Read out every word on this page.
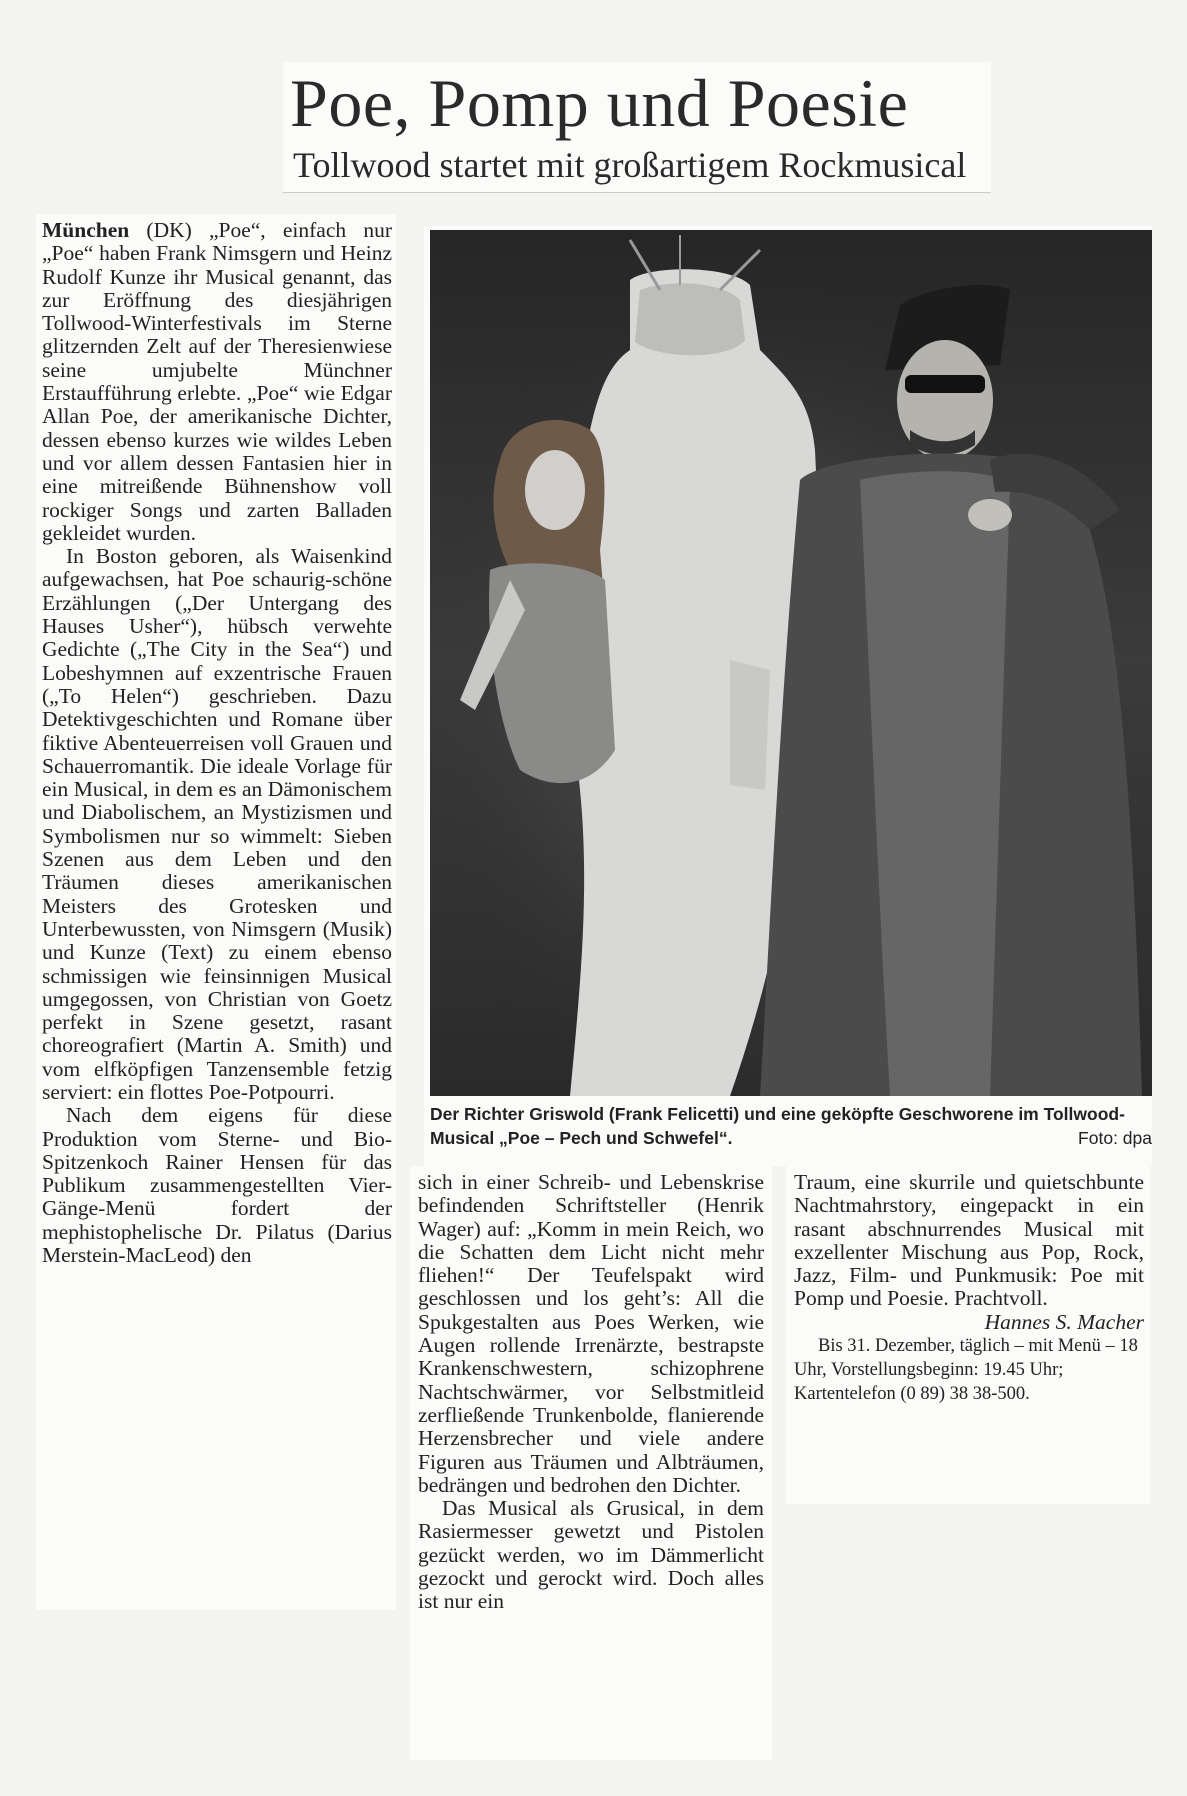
Poe, Pomp und Poesie
Tollwood startet mit großartigem Rockmusical

München (DK) „Poe“, einfach nur „Poe“ haben Frank Nimsgern und Heinz Rudolf Kunze ihr Musical genannt, das zur Eröffnung des diesjährigen Tollwood-Winterfestivals im Sterne glitzernden Zelt auf der Theresienwiese seine umjubelte Münchner Erstaufführung erlebte. „Poe“ wie Edgar Allan Poe, der amerikanische Dichter, dessen ebenso kurzes wie wildes Leben und vor allem dessen Fantasien hier in eine mitreißende Bühnenshow voll rockiger Songs und zarten Balladen gekleidet wurden.

In Boston geboren, als Waisenkind aufgewachsen, hat Poe schaurig-schöne Erzählungen („Der Untergang des Hauses Usher“), hübsch verwehte Gedichte („The City in the Sea“) und Lobeshymnen auf exzentrische Frauen („To Helen“) geschrieben. Dazu Detektivgeschichten und Romane über fiktive Abenteuerreisen voll Grauen und Schauerromantik. Die ideale Vorlage für ein Musical, in dem es an Dämonischem und Diabolischem, an Mystizismen und Symbolismen nur so wimmelt: Sieben Szenen aus dem Leben und den Träumen dieses amerikanischen Meisters des Grotesken und Unterbewussten, von Nimsgern (Musik) und Kunze (Text) zu einem ebenso schmissigen wie feinsinnigen Musical umgegossen, von Christian von Goetz perfekt in Szene gesetzt, rasant choreografiert (Martin A. Smith) und vom elfköpfigen Tanzensemble fetzig serviert: ein flottes Poe-Potpourri.

Nach dem eigens für diese Produktion vom Sterne- und Bio-Spitzenkoch Rainer Hensen für das Publikum zusammengestellten Vier-Gänge-Menü fordert der mephistophelische Dr. Pilatus (Darius Merstein-MacLeod) den

Der Richter Griswold (Frank Felicetti) und eine geköpfte Geschworene im Tollwood-Musical „Poe – Pech und Schwefel“.	Foto: dpa

sich in einer Schreib- und Lebenskrise befindenden Schriftsteller (Henrik Wager) auf: „Komm in mein Reich, wo die Schatten dem Licht nicht mehr fliehen!“ Der Teufelspakt wird geschlossen und los geht’s: All die Spukgestalten aus Poes Werken, wie Augen rollende Irrenärzte, bestrapste Krankenschwestern, schizophrene Nachtschwärmer, vor Selbstmitleid zerfließende Trunkenbolde, flanierende Herzensbrecher und viele andere Figuren aus Träumen und Albträumen, bedrängen und bedrohen den Dichter.

Das Musical als Grusical, in dem Rasiermesser gewetzt und Pistolen gezückt werden, wo im Dämmerlicht gezockt und gerockt wird. Doch alles ist nur ein

Traum, eine skurrile und quietschbunte Nachtmahrstory, eingepackt in ein rasant abschnurrendes Musical mit exzellenter Mischung aus Pop, Rock, Jazz, Film- und Punkmusik: Poe mit Pomp und Poesie. Prachtvoll.

Hannes S. Macher

Bis 31. Dezember, täglich – mit Menü – 18 Uhr, Vorstellungsbeginn: 19.45 Uhr; Kartentelefon (0 89) 38 38-500.
